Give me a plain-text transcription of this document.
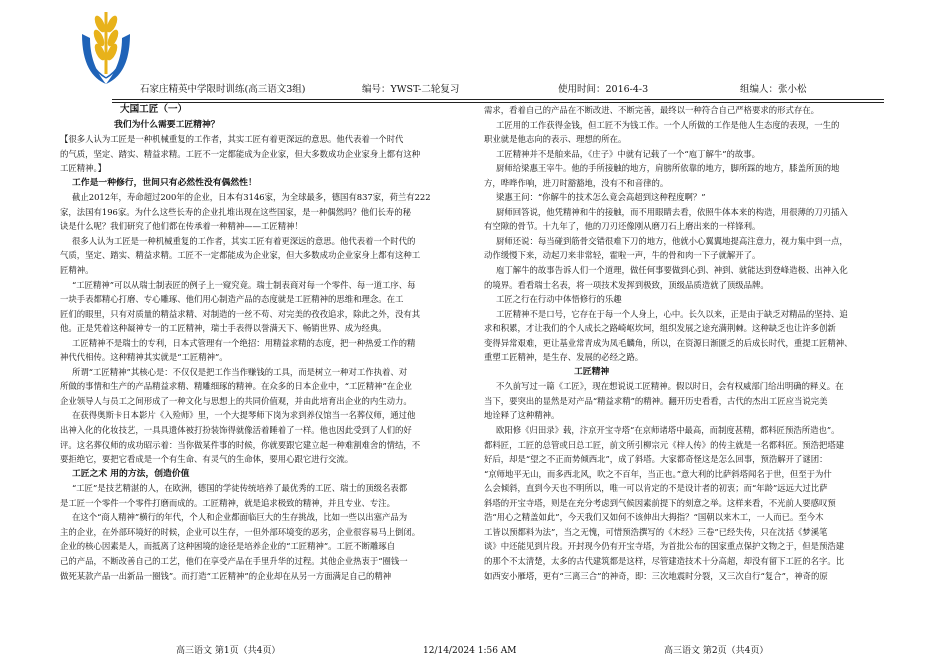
石家庄精英中学限时训练(高三语文3组)	编号：YWST-二轮复习	使用时间：2016-4-3	组编人：张小松
大国工匠（一）
我们为什么需要工匠精神？
【很多人认为工匠是一种机械重复的工作者，其实工匠有着更深远的意思。他代表着一个时代
的气质，坚定、踏实、精益求精。工匠不一定都能成为企业家，但大多数成功企业家身上都有这种
工匠精神。】
工作是一种修行，世间只有必然性没有偶然性！
截止2012年，寿命超过200年的企业，日本有3146家，为全球最多，德国有837家，荷兰有222
家，法国有196家。为什么这些长寿的企业扎堆出现在这些国家，是一种偶然吗？他们长寿的秘
诀是什么呢？我们研究了他们都在传承着一种精神——工匠精神！
很多人认为工匠是一种机械重复的工作者，其实工匠有着更深远的意思。他代表着一个时代的
气质，坚定、踏实、精益求精。工匠不一定都能成为企业家，但大多数成功企业家身上都有这种工
匠精神。
“工匠精神”可以从瑞士制表匠的例子上一窥究竟。瑞士制表商对每一个零件、每一道工序、每
一块手表都精心打磨、专心雕琢、他们用心制造产品的态度就是工匠精神的思维和理念。在工
匠们的眼里，只有对质量的精益求精、对制造的一丝不苟、对完美的孜孜追求，除此之外，没有其
他。正是凭着这种凝神专一的工匠精神，瑞士手表得以誉满天下、畅销世界、成为经典。
工匠精神不是瑞士的专利，日本式管理有一个绝招：用精益求精的态度，把一种热爱工作的精
神代代相传。这种精神其实就是“工匠精神”。
所谓“工匠精神”其核心是：不仅仅是把工作当作赚钱的工具，而是树立一种对工作执着、对
所做的事情和生产的产品精益求精、精雕细琢的精神。在众多的日本企业中，“工匠精神”在企业
企业领导人与员工之间形成了一种文化与思想上的共同价值观，并由此培育出企业的内生动力。
在获得奥斯卡日本影片《入殓师》里，一个大提琴师下岗为求到养仪馆当一名葬仪师，通过他
出神入化的化妆技艺，一具具遗体被打扮装饰得就像活着睡着了一样。他也因此受到了人们的好
评。这名葬仪师的成功昭示着：当你做某件事的时候，你就要跟它建立起一种难割难舍的情结，不
要拒绝它，要把它看成是一个有生命、有灵气的生命体，要用心跟它进行交流。
工匠之术 用的方法，创造价值
“工匠”是技艺精湛的人，在欧洲，德国的学徒传统培养了最优秀的工匠、瑞士的顶级名表都
是工匠一个零件一个零件打磨而成的。工匠精神，就是追求极致的精神，并且专业、专注。
在这个“商人精神”横行的年代，个人和企业都面临巨大的生存挑战，比如一些以出塞产品为
主的企业，在外部环境好的时候，企业可以生存，一但外部环境变的恶劣，企业很容易马上倒闭。
企业的核心因素是人，而抵离了这种困境的途径是培养企业的“工匠精神”。工匠不断雕琢自
己的产品，不断改善自己的工艺，他们在享受产品在手里升华的过程。其他企业热衷于“圈钱一
做死某款产品一出新品一圈钱”。而打造“工匠精神”的企业却在从另一方面满足自己的精神
需求，看着自己的产品在不断改进、不断完善，最终以一种符合自己严格要求的形式存在。
工匠用的工作获得金钱，但工匠不为钱工作。一个人所做的工作是他人生态度的表现，一生的
职业就是他志向的表示、理想的所在。
工匠精神并不是舶来品，《庄子》中就有记载了一个“庖丁解牛”的故事。
厨师给梁惠王宰牛。他的手所接触的地方，肩膀所依靠的地方，脚所踩的地方，膝盖所顶的地
方，哗哗作响，进刀时豁豁地，没有不和音律的。
梁惠王问：“你解牛的技术怎么竟会高超到这种程度啊？”
厨师回答说，他凭精神和牛的接触，而不用眼睛去看，依照牛体本来的构造，用很薄的刀刃插入
有空隙的骨节。十九年了，他的刀刃还像刚从磨刀石上磨出来的一样锋利。
厨师还说：每当碰到筋骨交错很难下刀的地方，他就小心翼翼地提高注意力，视力集中到一点，
动作缓慢下来，动起刀来非常轻，霍啦一声，牛的骨和肉一下子就解开了。
庖丁解牛的故事告诉人们一个道理，做任何事要做到心到、神到、就能达到登峰造极、出神入化
的境界。看看瑞士名表，将一项技术发挥到极致，顶级品质造就了顶级品牌。
工匠之行在行动中体悟修行的乐趣
工匠精神不是口号，它存在于每一个人身上，心中。长久以来，正是由于缺乏对精品的坚持、追
求和积累，才让我们的个人成长之路崎岖坎坷，组织发展之途充满荆棘。这种缺乏也让许多创新
变得异常艰难，更让基业常青成为凤毛麟角，所以，在资源日渐匮乏的后成长时代，重提工匠精神、
重塑工匠精神，是生存、发展的必经之路。
工匠精神
不久前写过一篇《工匠》，现在想说说工匠精神。假以时日，会有权威部门给出明确的释义。在
当下，要突出的显然是对产品“精益求精”的精神。翻开历史看看，古代的杰出工匠应当说完美
地诠释了这种精神。
欧阳修《归田录》载，汴京开宝寺塔“在京师诸塔中最高，而制度甚精，都料匠预浩所造也”。
都料匠，工匠的总管或曰总工匠，前文所引柳宗元《梓人传》的传主就是一名都料匠。预浩把塔建
好后，却是“望之不正而势倾西北”，成了斜塔。大家都奇怪这是怎么回事，预浩解开了谜团：
“京师地平无山，而多西北风，吹之不百年，当正也。”意大利的比萨斜塔闻名于世，但至于为什
么会倾斜，直到今天也不明所以，唯一可以肯定的不是设计者的初衷；而“年龄”远远大过比萨
斜塔的开宝寺塔，则是在充分考虑到气候因素前提下的刻意之举。这样来看，不光前人要感叹预
浩“用心之精盖如此”，今天我们又如何不该伸出大拇指？“国朝以来木工，一人而已。至今木
工皆以预都料为法”，当之无愧，可惜预浩撰写的《木经》三卷”已经失传，只在沈括《梦溪笔
谈》中还能见到片段。开封现今仍有开宝寺塔，为首批公布的国家重点保护文物之于，但是预浩建
的那个不太清楚，太多的古代建筑都是这样，尽管建造技术十分高超，却没有留下工匠的名字。比
如西安小雁塔，更有“三离三合”的神奇，即：三次地震时分裂，又三次自行“复合”，神奇的原
高三语文 第1页（共4页）	12/14/2024 1:56 AM	高三语文 第2页（共4页）
